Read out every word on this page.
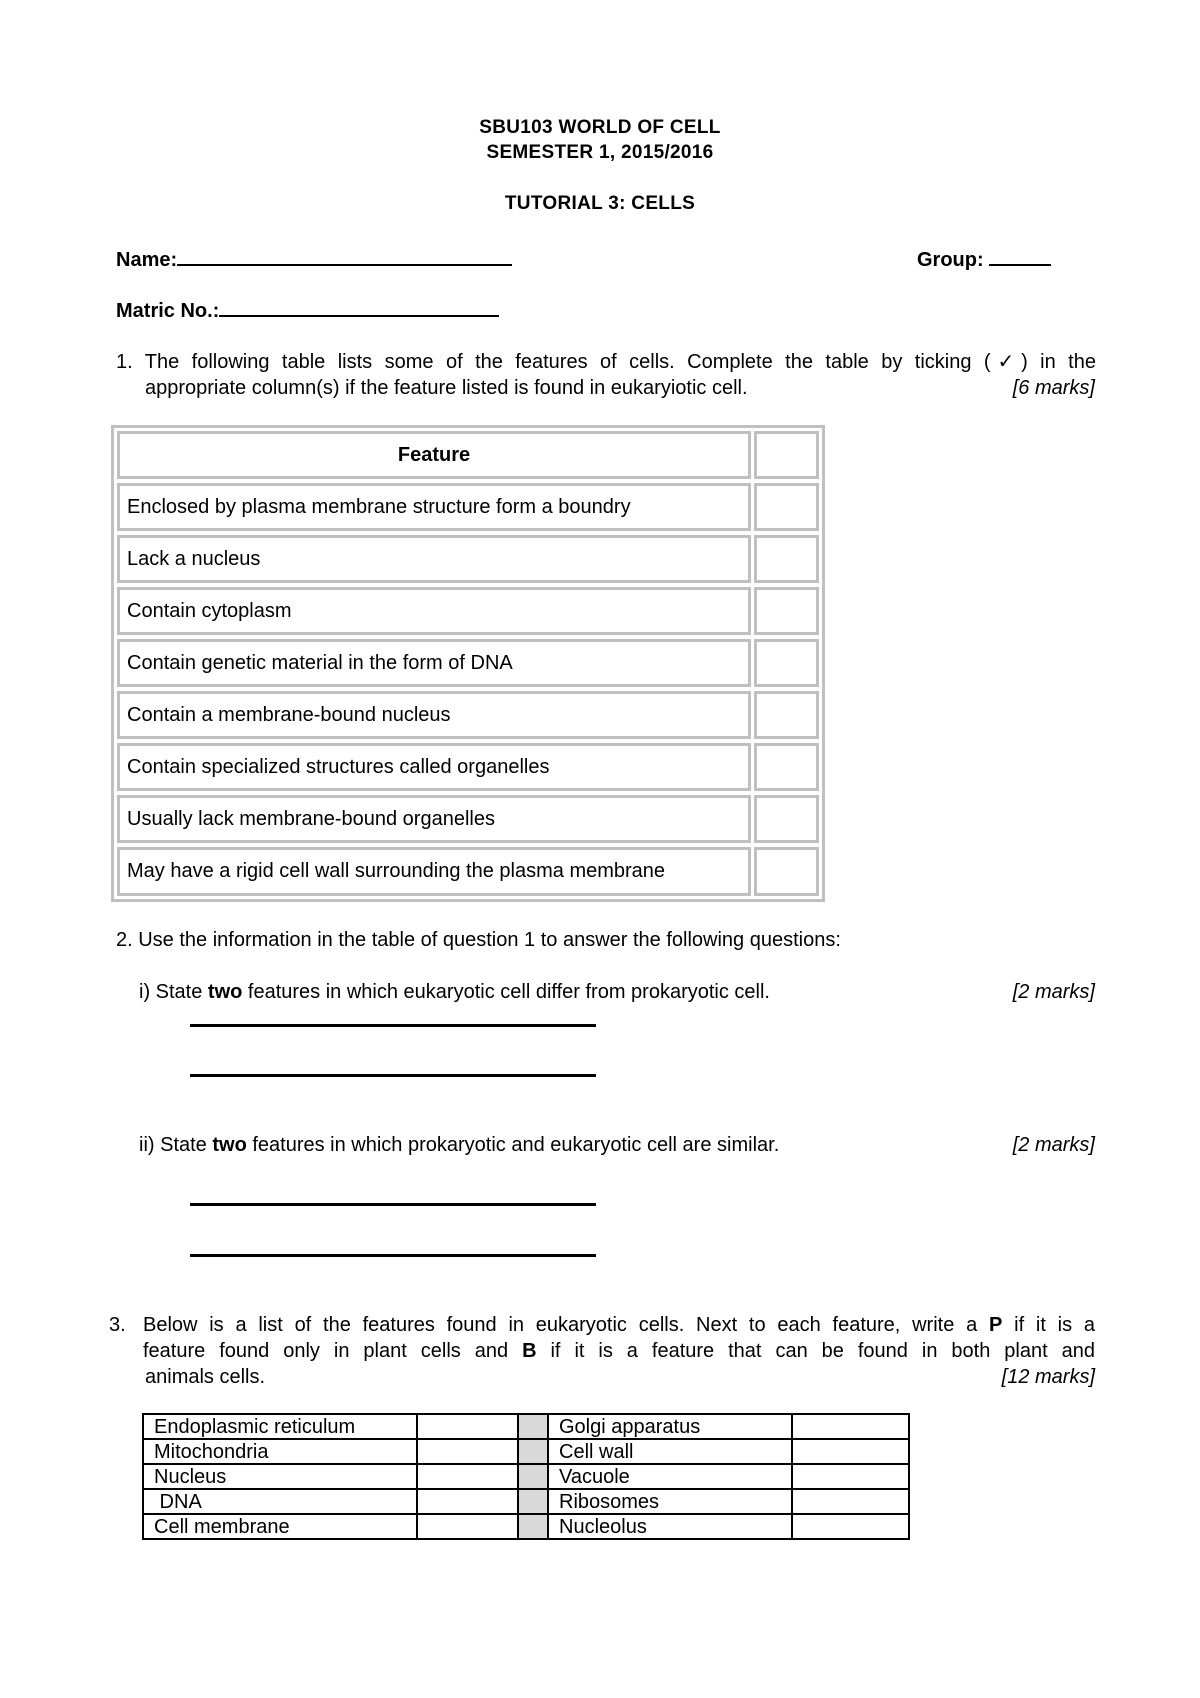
SBU103 WORLD OF CELL
SEMESTER 1, 2015/2016
TUTORIAL 3: CELLS
Name:	Group:
Matric No.:
1. The following table lists some of the features of cells. Complete the table by ticking (✓) in the
appropriate column(s) if the feature listed is found in eukaryiotic cell.	[6 marks]
Feature
Enclosed by plasma membrane structure form a boundry
Lack a nucleus
Contain cytoplasm
Contain genetic material in the form of DNA
Contain a membrane-bound nucleus
Contain specialized structures called organelles
Usually lack membrane-bound organelles
May have a rigid cell wall surrounding the plasma membrane
2. Use the information in the table of question 1 to answer the following questions:
i) State two features in which eukaryotic cell differ from prokaryotic cell.	[2 marks]
ii) State two features in which prokaryotic and eukaryotic cell are similar.	[2 marks]
3. Below is a list of the features found in eukaryotic cells. Next to each feature, write a P if it is a
feature found only in plant cells and B if it is a feature that can be found in both plant and
animals cells.	[12 marks]
Endoplasmic reticulum			Golgi apparatus	
Mitochondria			Cell wall	
Nucleus			Vacuole	
DNA			Ribosomes	
Cell membrane			Nucleolus	
